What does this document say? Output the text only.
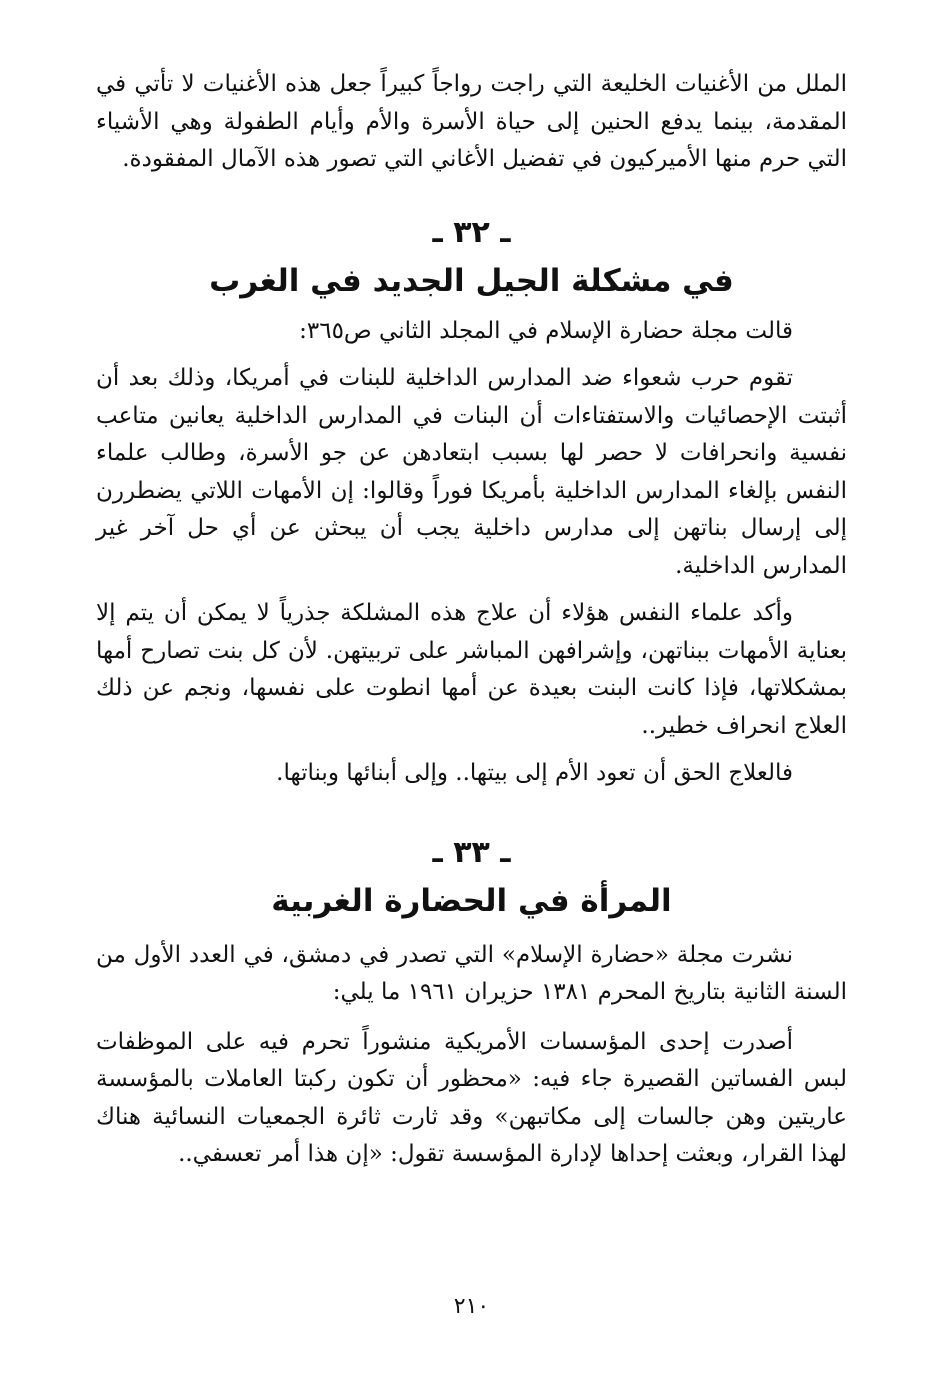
الملل من الأغنيات الخليعة التي راجت رواجاً كبيراً جعل هذه الأغنيات لا تأتي في المقدمة، بينما يدفع الحنين إلى حياة الأسرة والأم وأيام الطفولة وهي الأشياء التي حرم منها الأميركيون في تفضيل الأغاني التي تصور هذه الآمال المفقودة.

ـ ٣٢ ـ
في مشكلة الجيل الجديد في الغرب

قالت مجلة حضارة الإسلام في المجلد الثاني ص٣٦٥:

تقوم حرب شعواء ضد المدارس الداخلية للبنات في أمريكا، وذلك بعد أن أثبتت الإحصائيات والاستفتاءات أن البنات في المدارس الداخلية يعانين متاعب نفسية وانحرافات لا حصر لها بسبب ابتعادهن عن جو الأسرة، وطالب علماء النفس بإلغاء المدارس الداخلية بأمريكا فوراً وقالوا: إن الأمهات اللاتي يضطررن إلى إرسال بناتهن إلى مدارس داخلية يجب أن يبحثن عن أي حل آخر غير المدارس الداخلية.

وأكد علماء النفس هؤلاء أن علاج هذه المشلكة جذرياً لا يمكن أن يتم إلا بعناية الأمهات ببناتهن، وإشرافهن المباشر على تربيتهن. لأن كل بنت تصارح أمها بمشكلاتها، فإذا كانت البنت بعيدة عن أمها انطوت على نفسها، ونجم عن ذلك العلاج انحراف خطير..

فالعلاج الحق أن تعود الأم إلى بيتها.. وإلى أبنائها وبناتها.

ـ ٣٣ ـ
المرأة في الحضارة الغربية

نشرت مجلة «حضارة الإسلام» التي تصدر في دمشق، في العدد الأول من السنة الثانية بتاريخ المحرم ١٣٨١ حزيران ١٩٦١ ما يلي:

أصدرت إحدى المؤسسات الأمريكية منشوراً تحرم فيه على الموظفات لبس الفساتين القصيرة جاء فيه: «محظور أن تكون ركبتا العاملات بالمؤسسة عاريتين وهن جالسات إلى مكاتبهن» وقد ثارت ثائرة الجمعيات النسائية هناك لهذا القرار، وبعثت إحداها لإدارة المؤسسة تقول: «إن هذا أمر تعسفي..

٢١٠
